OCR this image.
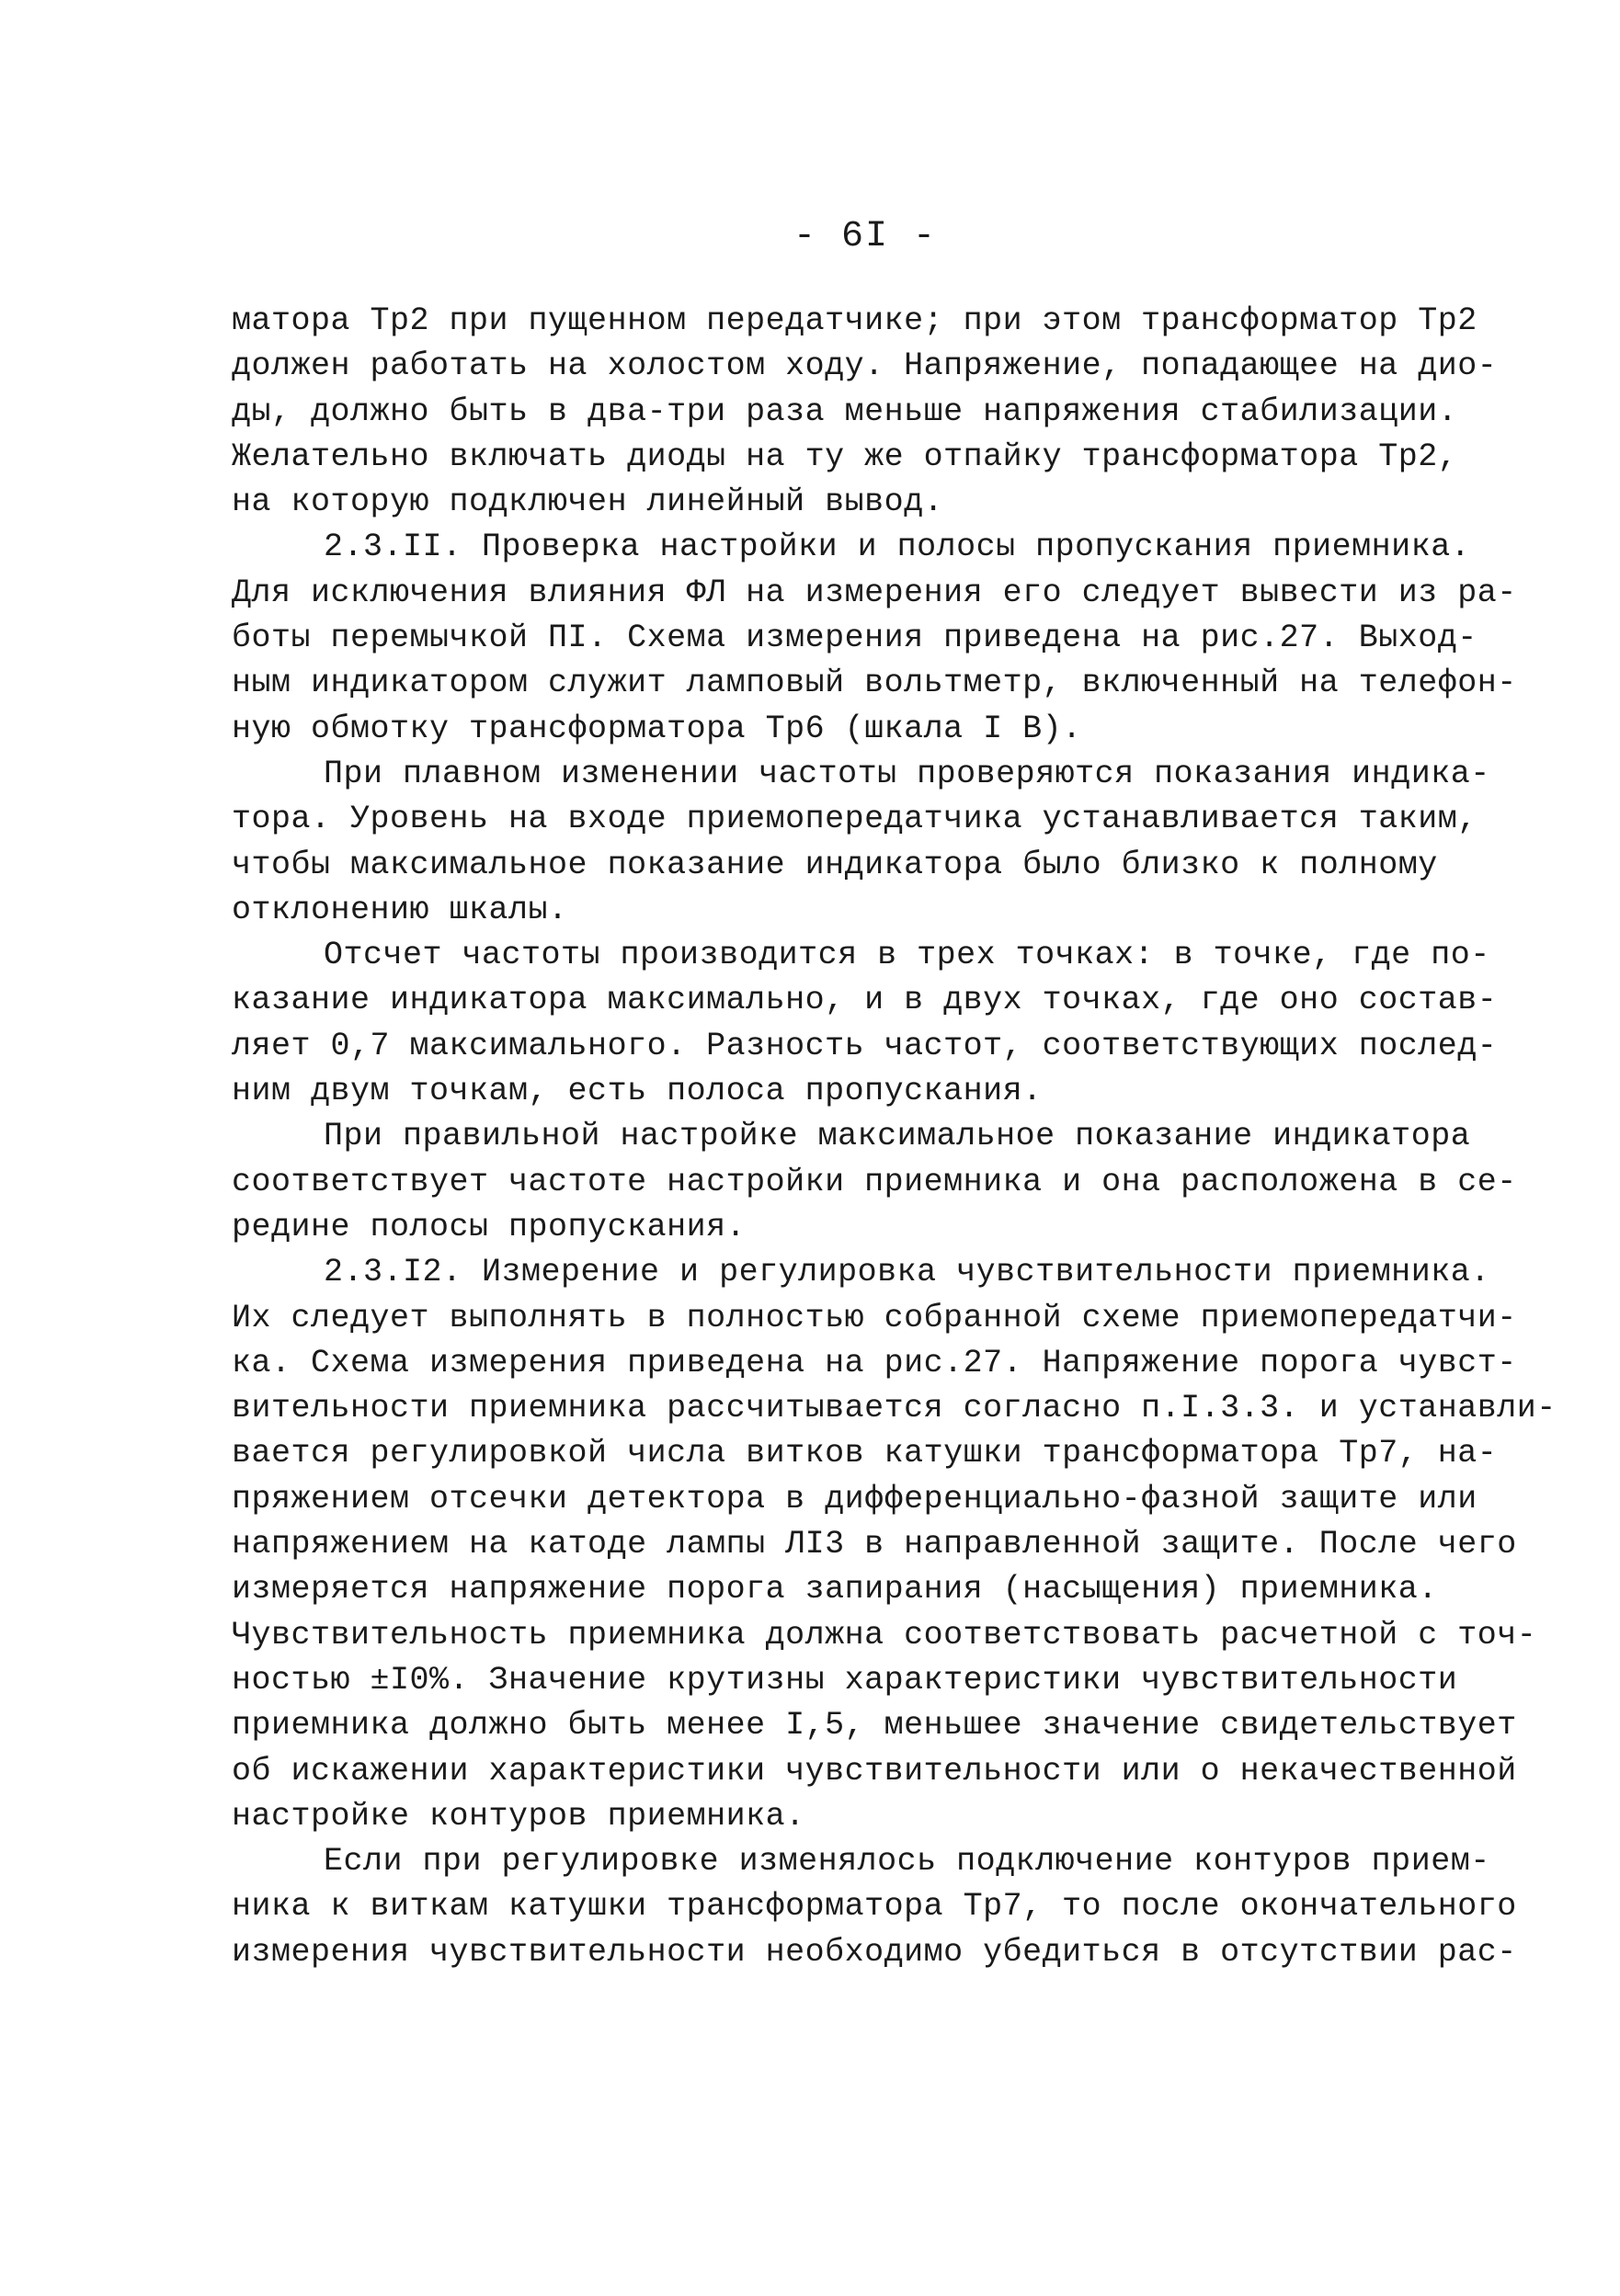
- 6I -
матора Тр2 при пущенном передатчике; при этом трансформатор Тр2
должен работать на холостом ходу. Напряжение, попадающее на дио-
ды, должно быть в два-три раза меньше напряжения стабилизации.
Желательно включать диоды на ту же отпайку трансформатора Тр2,
на которую подключен линейный вывод.
2.3.II. Проверка настройки и полосы пропускания приемника.
Для исключения влияния ФЛ на измерения его следует вывести из ра-
боты перемычкой ПI. Схема измерения приведена на рис.27. Выход-
ным индикатором служит ламповый вольтметр, включенный на телефон-
ную обмотку трансформатора Тр6 (шкала I В).
При плавном изменении частоты проверяются показания индика-
тора. Уровень на входе приемопередатчика устанавливается таким,
чтобы максимальное показание индикатора было близко к полному
отклонению шкалы.
Отсчет частоты производится в трех точках: в точке, где по-
казание индикатора максимально, и в двух точках, где оно состав-
ляет 0,7 максимального. Разность частот, соответствующих послед-
ним двум точкам, есть полоса пропускания.
При правильной настройке максимальное показание индикатора
соответствует частоте настройки приемника и она расположена в се-
редине полосы пропускания.
2.3.I2. Измерение и регулировка чувствительности приемника.
Их следует выполнять в полностью собранной схеме приемопередатчи-
ка. Схема измерения приведена на рис.27. Напряжение порога чувст-
вительности приемника рассчитывается согласно п.I.3.3. и устанавли-
вается регулировкой числа витков катушки трансформатора Тр7, на-
пряжением отсечки детектора в дифференциально-фазной защите или
напряжением на катоде лампы ЛI3 в направленной защите. После чего
измеряется напряжение порога запирания (насыщения) приемника.
Чувствительность приемника должна соответствовать расчетной с точ-
ностью ±I0%. Значение крутизны характеристики чувствительности
приемника должно быть менее I,5, меньшее значение свидетельствует
об искажении характеристики чувствительности или о некачественной
настройке контуров приемника.
Если при регулировке изменялось подключение контуров прием-
ника к виткам катушки трансформатора Тр7, то после окончательного
измерения чувствительности необходимо убедиться в отсутствии рас-
